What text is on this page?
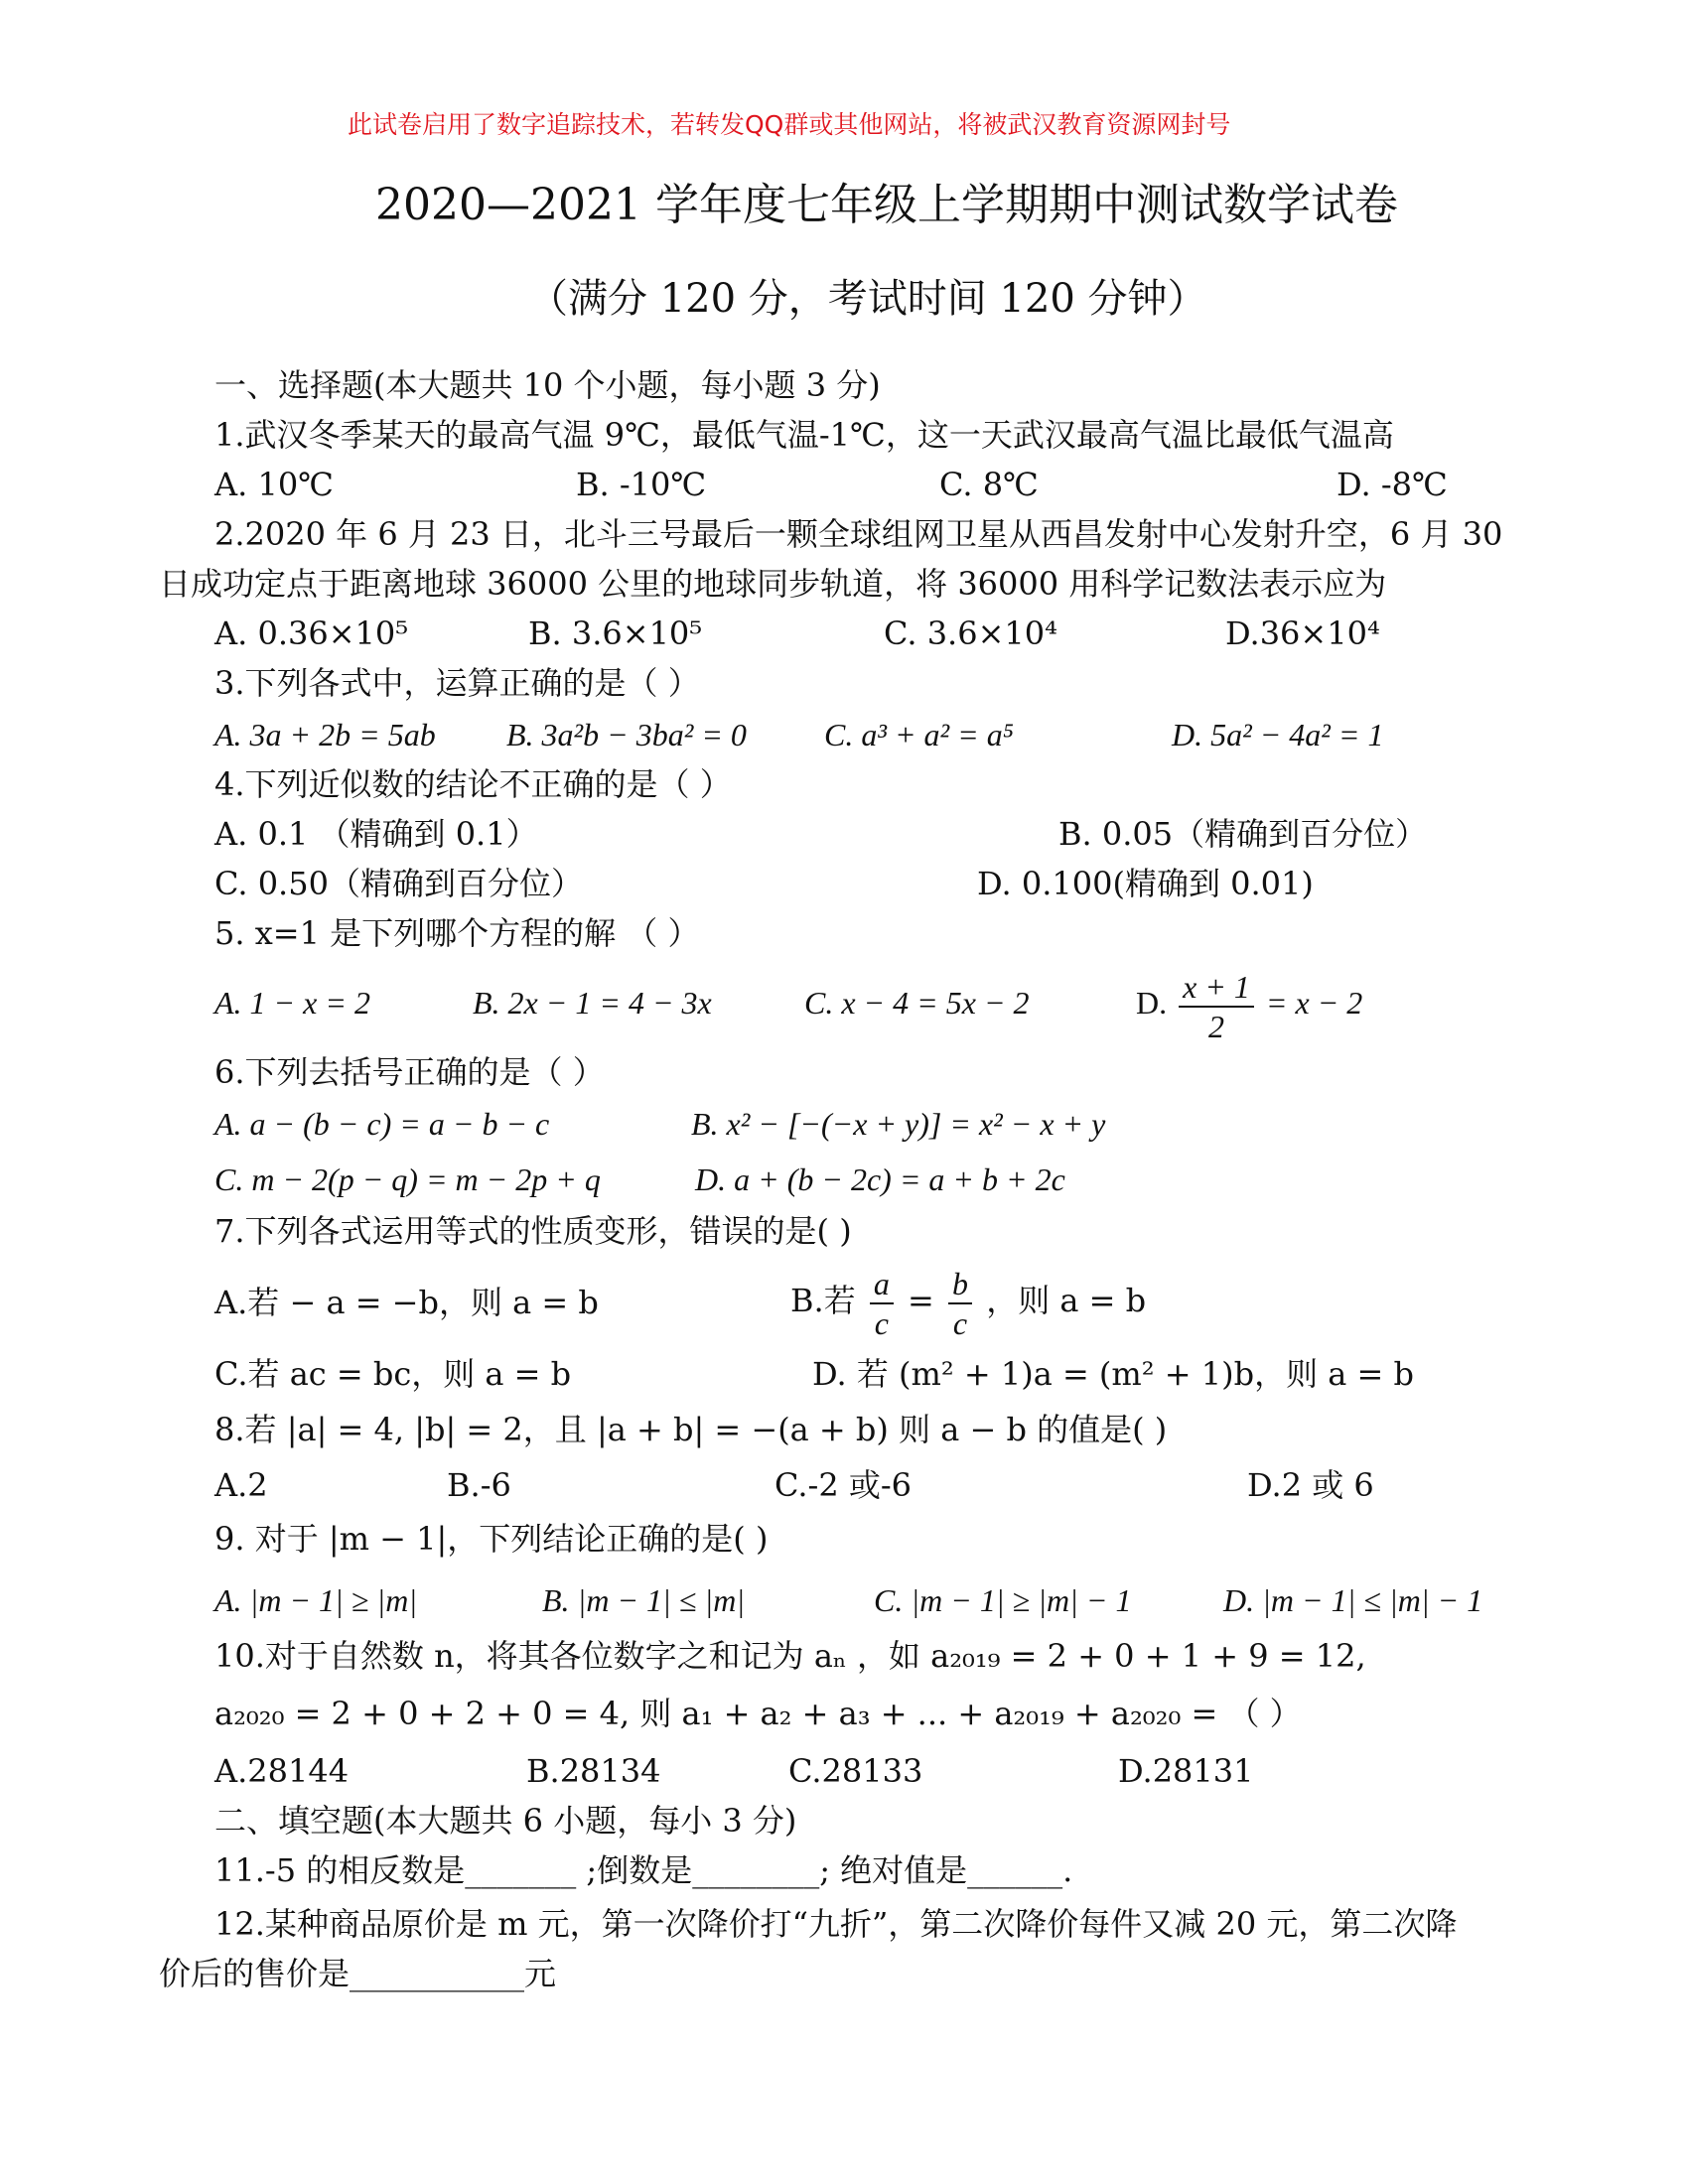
此试卷启用了数字追踪技术，若转发QQ群或其他网站，将被武汉教育资源网封号
2020—2021 学年度七年级上学期期中测试数学试卷
（满分 120 分，考试时间 120 分钟）
一、选择题(本大题共 10 个小题，每小题 3 分)
1.武汉冬季某天的最高气温 9℃，最低气温-1℃，这一天武汉最高气温比最低气温高
A. 10℃	B. -10℃	C. 8℃	D. -8℃
2.2020 年 6 月 23 日，北斗三号最后一颗全球组网卫星从西昌发射中心发射升空，6 月 30
日成功定点于距离地球 36000 公里的地球同步轨道，将 36000 用科学记数法表示应为
A. 0.36×10⁵	B. 3.6×10⁵	C. 3.6×10⁴	D.36×10⁴
3.下列各式中，运算正确的是（ ）
A. 3a + 2b = 5ab B. 3a²b − 3ba² = 0 C. a³ + a² = a⁵	D. 5a² − 4a² = 1
4.下列近似数的结论不正确的是（ ）
A. 0.1 （精确到 0.1）	B. 0.05（精确到百分位）
C. 0.50（精确到百分位）	D. 0.100(精确到 0.01)
5. x=1 是下列哪个方程的解 （ ）
A. 1 − x = 2	B. 2x − 1 = 4 − 3x	C. x − 4 = 5x − 2	D. $\frac{x + 1}{2} = x - 2$
6.下列去括号正确的是（ ）
A. a − (b − c) = a − b − c	B. x² − [−(−x + y)] = x² − x + y
C. m − 2(p − q) = m − 2p + q	D. a + (b − 2c) = a + b + 2c
7.下列各式运用等式的性质变形，错误的是( )
A.若 − a = −b，则 a = b	B.若 $\frac{a}{c} = \frac{b}{c}$ ，则 a = b
C.若 ac = bc，则 a = b	D. 若 (m² + 1)a = (m² + 1)b，则 a = b
8.若 |a| = 4, |b| = 2，且 |a + b| = −(a + b) 则 a − b 的值是( )
A.2	B.-6	C.-2 或-6	D.2 或 6
9. 对于 |m − 1|，下列结论正确的是( )
A. |m − 1| ≥ |m|	B. |m − 1| ≤ |m|	C. |m − 1| ≥ |m| − 1	D. |m − 1| ≤ |m| − 1
10.对于自然数 n，将其各位数字之和记为 aₙ ，如 a₂₀₁₉ = 2 + 0 + 1 + 9 = 12,
a₂₀₂₀ = 2 + 0 + 2 + 0 = 4, 则 a₁ + a₂ + a₃ + ... + a₂₀₁₉ + a₂₀₂₀ = （ ）
A.28144	B.28134	C.28133	D.28131
二、填空题(本大题共 6 小题，每小 3 分)
11.-5 的相反数是_______ ;倒数是________; 绝对值是______.
12.某种商品原价是 m 元，第一次降价打“九折”，第二次降价每件又减 20 元，第二次降
价后的售价是___________元
